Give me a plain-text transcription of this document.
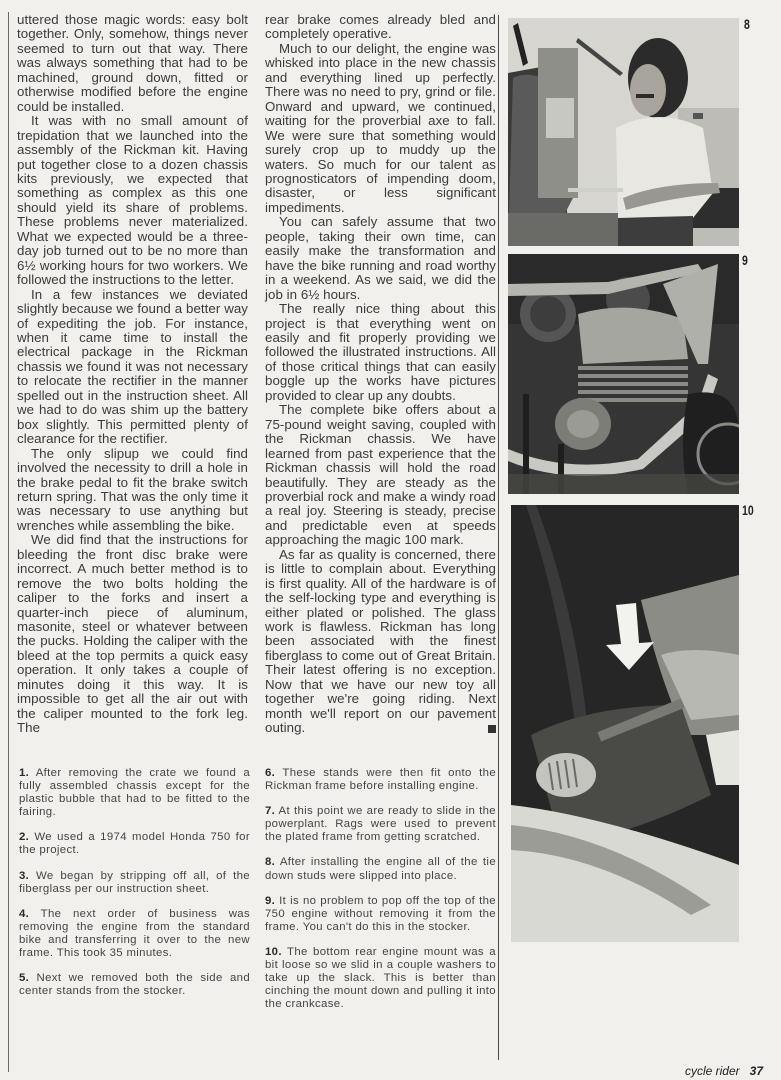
uttered those magic words: easy bolt together. Only, somehow, things never seemed to turn out that way. There was always something that had to be machined, ground down, fitted or otherwise modified before the engine could be installed.

It was with no small amount of trepidation that we launched into the assembly of the Rickman kit. Having put together close to a dozen chassis kits previously, we expected that something as complex as this one should yield its share of problems. These problems never materialized. What we expected would be a three-day job turned out to be no more than 6½ working hours for two workers. We followed the instructions to the letter.

In a few instances we deviated slightly because we found a better way of expediting the job. For instance, when it came time to install the electrical package in the Rickman chassis we found it was not necessary to relocate the rectifier in the manner spelled out in the instruction sheet. All we had to do was shim up the battery box slightly. This permitted plenty of clearance for the rectifier.

The only slipup we could find involved the necessity to drill a hole in the brake pedal to fit the brake switch return spring. That was the only time it was necessary to use anything but wrenches while assembling the bike.

We did find that the instructions for bleeding the front disc brake were incorrect. A much better method is to remove the two bolts holding the caliper to the forks and insert a quarter-inch piece of aluminum, masonite, steel or whatever between the pucks. Holding the caliper with the bleed at the top permits a quick easy operation. It only takes a couple of minutes doing it this way. It is impossible to get all the air out with the caliper mounted to the fork leg. The

rear brake comes already bled and completely operative.

Much to our delight, the engine was whisked into place in the new chassis and everything lined up perfectly. There was no need to pry, grind or file. Onward and upward, we continued, waiting for the proverbial axe to fall. We were sure that something would surely crop up to muddy up the waters. So much for our talent as prognosticators of impending doom, disaster, or less significant impediments.

You can safely assume that two people, taking their own time, can easily make the transformation and have the bike running and road worthy in a weekend. As we said, we did the job in 6½ hours.

The really nice thing about this project is that everything went on easily and fit properly providing we followed the illustrated instructions. All of those critical things that can easily boggle up the works have pictures provided to clear up any doubts.

The complete bike offers about a 75-pound weight saving, coupled with the Rickman chassis. We have learned from past experience that the Rickman chassis will hold the road beautifully. They are steady as the proverbial rock and make a windy road a real joy. Steering is steady, precise and predictable even at speeds approaching the magic 100 mark.

As far as quality is concerned, there is little to complain about. Everything is first quality. All of the hardware is of the self-locking type and everything is either plated or polished. The glass work is flawless. Rickman has long been associated with the finest fiberglass to come out of Great Britain. Their latest offering is no exception. Now that we have our new toy all together we're going riding. Next month we'll report on our pavement outing.

1. After removing the crate we found a fully assembled chassis except for the plastic bubble that had to be fitted to the fairing.

2. We used a 1974 model Honda 750 for the project.

3. We began by stripping off all, of the fiberglass per our instruction sheet.

4. The next order of business was removing the engine from the standard bike and transferring it over to the new frame. This took 35 minutes.

5. Next we removed both the side and center stands from the stocker.

6. These stands were then fit onto the Rickman frame before installing engine.

7. At this point we are ready to slide in the powerplant. Rags were used to prevent the plated frame from getting scratched.

8. After installing the engine all of the tie down studs were slipped into place.

9. It is no problem to pop off the top of the 750 engine without removing it from the frame. You can't do this in the stocker.

10. The bottom rear engine mount was a bit loose so we slid in a couple washers to take up the slack. This is better than cinching the mount down and pulling it into the crankcase.

8
9
10
cycle rider 37
